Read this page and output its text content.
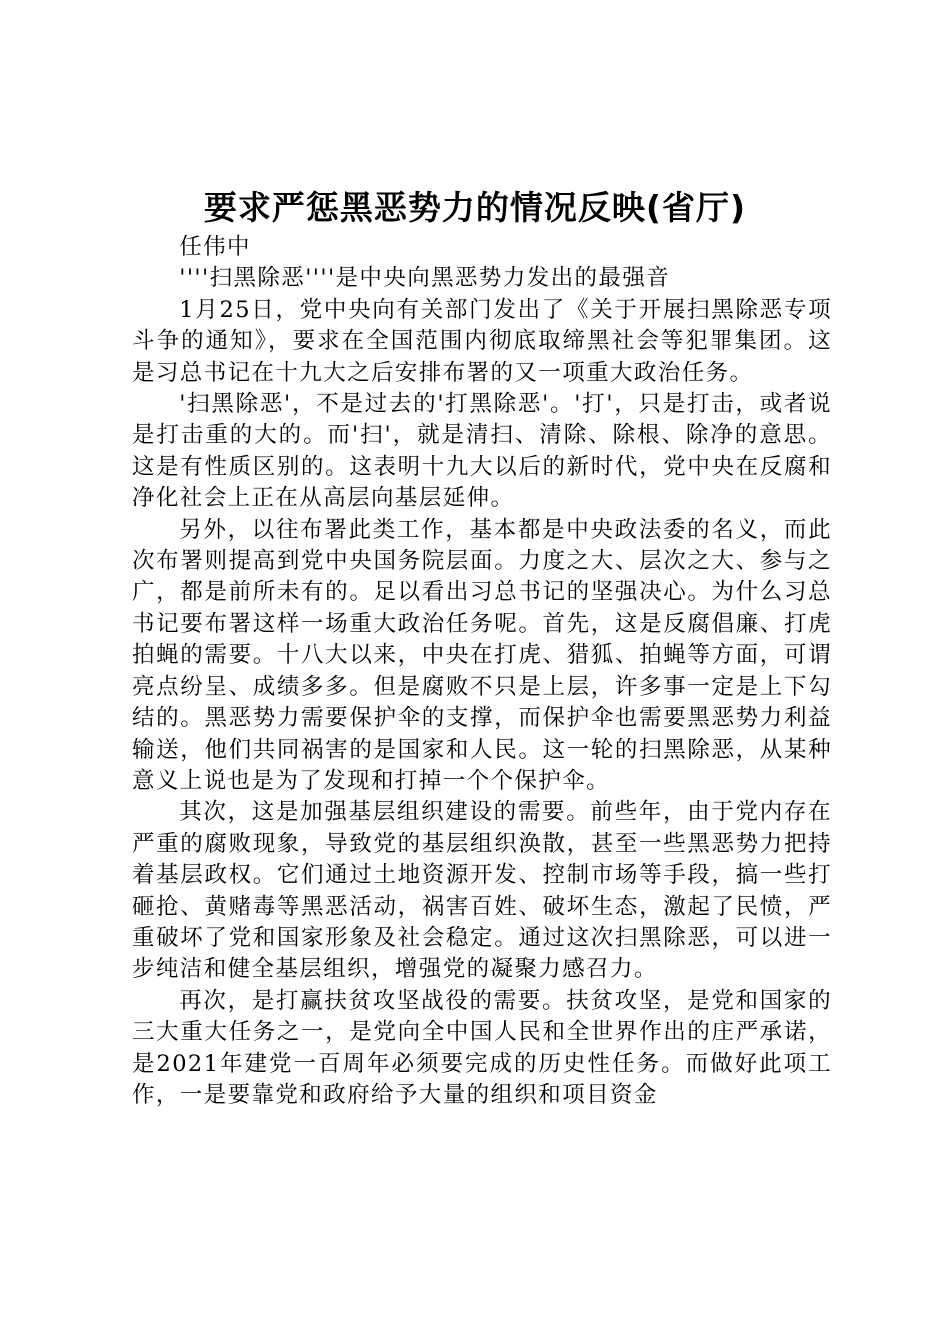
要求严惩黑恶势力的情况反映(省厅)

任伟中

''''扫黑除恶''''是中央向黑恶势力发出的最强音

1月25日，党中央向有关部门发出了《关于开展扫黑除恶专项斗争的通知》，要求在全国范围内彻底取缔黑社会等犯罪集团。这是习总书记在十九大之后安排布署的又一项重大政治任务。

'扫黑除恶'，不是过去的'打黑除恶'。'打'，只是打击，或者说是打击重的大的。而'扫'，就是清扫、清除、除根、除净的意思。这是有性质区别的。这表明十九大以后的新时代，党中央在反腐和净化社会上正在从高层向基层延伸。

另外，以往布署此类工作，基本都是中央政法委的名义，而此次布署则提高到党中央国务院层面。力度之大、层次之大、参与之广，都是前所未有的。足以看出习总书记的坚强决心。为什么习总书记要布署这样一场重大政治任务呢。首先，这是反腐倡廉、打虎拍蝇的需要。十八大以来，中央在打虎、猎狐、拍蝇等方面，可谓亮点纷呈、成绩多多。但是腐败不只是上层，许多事一定是上下勾结的。黑恶势力需要保护伞的支撑，而保护伞也需要黑恶势力利益输送，他们共同祸害的是国家和人民。这一轮的扫黑除恶，从某种意义上说也是为了发现和打掉一个个保护伞。

其次，这是加强基层组织建设的需要。前些年，由于党内存在严重的腐败现象，导致党的基层组织涣散，甚至一些黑恶势力把持着基层政权。它们通过土地资源开发、控制市场等手段，搞一些打砸抢、黄赌毒等黑恶活动，祸害百姓、破坏生态，激起了民愤，严重破坏了党和国家形象及社会稳定。通过这次扫黑除恶，可以进一步纯洁和健全基层组织，增强党的凝聚力感召力。

再次，是打赢扶贫攻坚战役的需要。扶贫攻坚，是党和国家的三大重大任务之一，是党向全中国人民和全世界作出的庄严承诺，是2021年建党一百周年必须要完成的历史性任务。而做好此项工作，一是要靠党和政府给予大量的组织和项目资金
